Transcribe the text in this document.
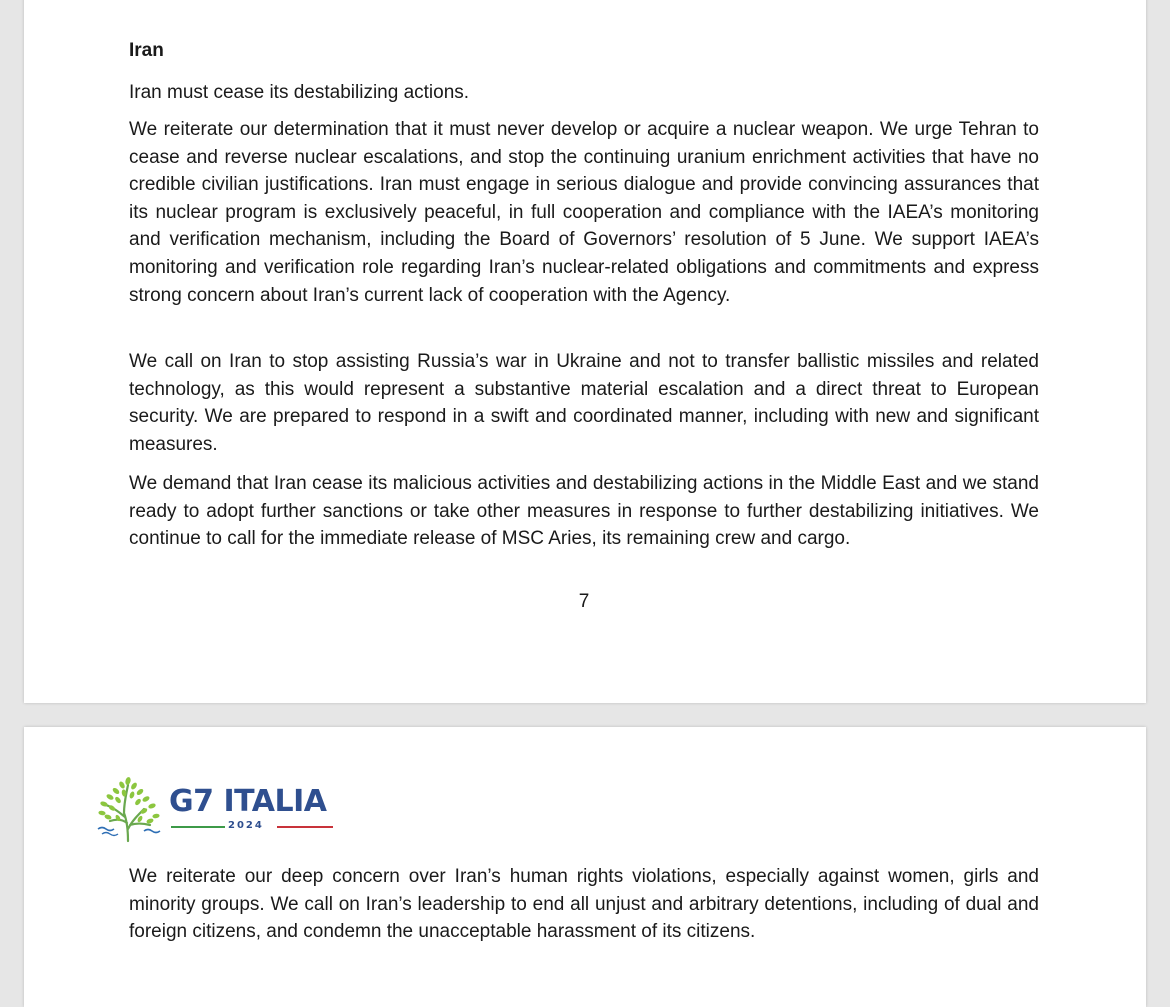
Iran

Iran must cease its destabilizing actions.

We reiterate our determination that it must never develop or acquire a nuclear weapon. We urge Tehran to cease and reverse nuclear escalations, and stop the continuing uranium enrichment activities that have no credible civilian justifications. Iran must engage in serious dialogue and provide convincing assurances that its nuclear program is exclusively peaceful, in full cooperation and compliance with the IAEA’s monitoring and verification mechanism, including the Board of Governors’ resolution of 5 June. We support IAEA’s monitoring and verification role regarding Iran’s nuclear-related obligations and commitments and express strong concern about Iran’s current lack of cooperation with the Agency.

We call on Iran to stop assisting Russia’s war in Ukraine and not to transfer ballistic missiles and related technology, as this would represent a substantive material escalation and a direct threat to European security. We are prepared to respond in a swift and coordinated manner, including with new and significant measures.

We demand that Iran cease its malicious activities and destabilizing actions in the Middle East and we stand ready to adopt further sanctions or take other measures in response to further destabilizing initiatives. We continue to call for the immediate release of MSC Aries, its remaining crew and cargo.

7
G7 ITALIA
2024

We reiterate our deep concern over Iran’s human rights violations, especially against women, girls and minority groups. We call on Iran’s leadership to end all unjust and arbitrary detentions, including of dual and foreign citizens, and condemn the unacceptable harassment of its citizens.
